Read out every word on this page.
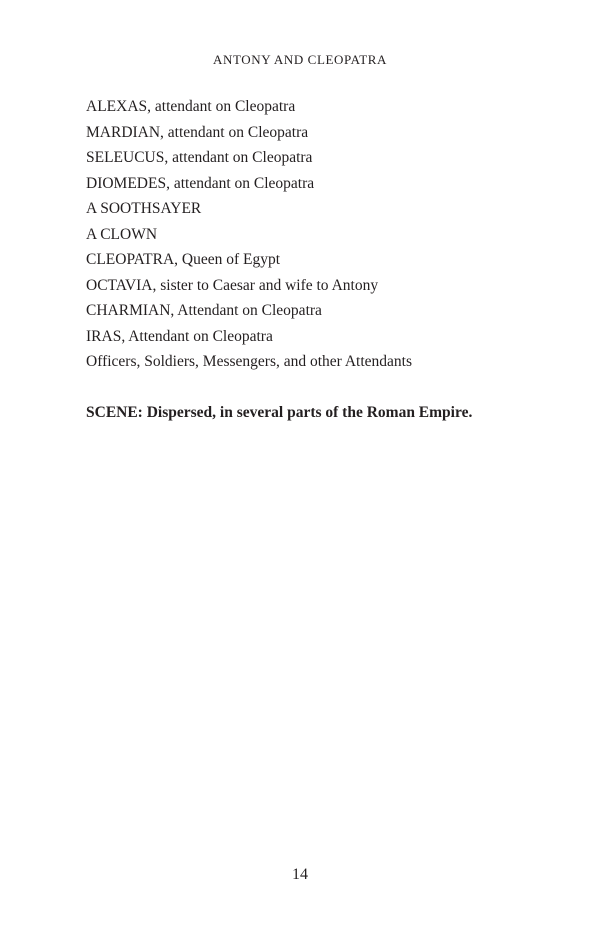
ANTONY AND CLEOPATRA
ALEXAS, attendant on Cleopatra
MARDIAN, attendant on Cleopatra
SELEUCUS, attendant on Cleopatra
DIOMEDES, attendant on Cleopatra
A SOOTHSAYER
A CLOWN
CLEOPATRA, Queen of Egypt
OCTAVIA, sister to Caesar and wife to Antony
CHARMIAN, Attendant on Cleopatra
IRAS, Attendant on Cleopatra
Officers, Soldiers, Messengers, and other Attendants

SCENE: Dispersed, in several parts of the Roman Empire.

14
